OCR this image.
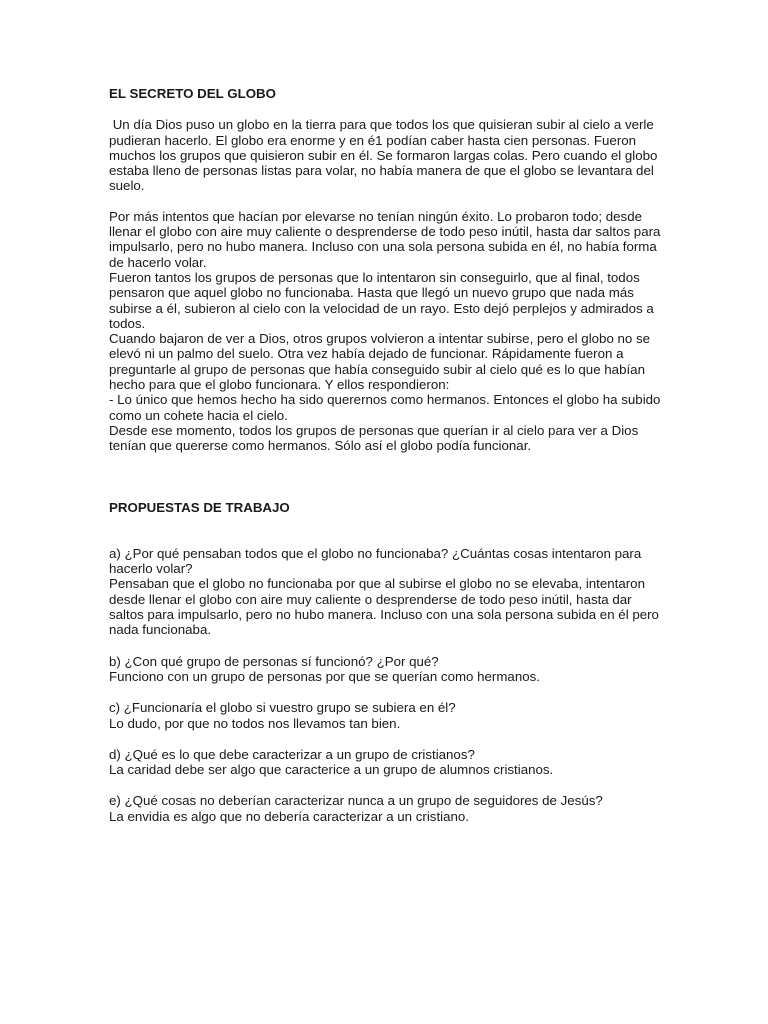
EL SECRETO DEL GLOBO

Un día Dios puso un globo en la tierra para que todos los que quisieran subir al cielo a verle pudieran hacerlo. El globo era enorme y en é1 podían caber hasta cien personas. Fueron muchos los grupos que quisieron subir en él. Se formaron largas colas. Pero cuando el globo estaba lleno de personas listas para volar, no había manera de que el globo se levantara del suelo.

Por más intentos que hacían por elevarse no tenían ningún éxito. Lo probaron todo; desde llenar el globo con aire muy caliente o desprenderse de todo peso inútil, hasta dar saltos para impulsarlo, pero no hubo manera. Incluso con una sola persona subida en él, no había forma de hacerlo volar.

Fueron tantos los grupos de personas que lo intentaron sin conseguirlo, que al final, todos pensaron que aquel globo no funcionaba. Hasta que llegó un nuevo grupo que nada más subirse a él, subieron al cielo con la velocidad de un rayo. Esto dejó perplejos y admirados a todos.

Cuando bajaron de ver a Dios, otros grupos volvieron a intentar subirse, pero el globo no se elevó ni un palmo del suelo. Otra vez había dejado de funcionar. Rápidamente fueron a preguntarle al grupo de personas que había conseguido subir al cielo qué es lo que habían hecho para que el globo funcionara. Y ellos respondieron:

- Lo único que hemos hecho ha sido querernos como hermanos. Entonces el globo ha subido como un cohete hacia el cielo.

Desde ese momento, todos los grupos de personas que querían ir al cielo para ver a Dios tenían que quererse como hermanos. Sólo así el globo podía funcionar.

PROPUESTAS DE TRABAJO

a) ¿Por qué pensaban todos que el globo no funcionaba? ¿Cuántas cosas intentaron para hacerlo volar?

Pensaban que el globo no funcionaba por que al subirse el globo no se elevaba, intentaron desde llenar el globo con aire muy caliente o desprenderse de todo peso inútil, hasta dar saltos para impulsarlo, pero no hubo manera. Incluso con una sola persona subida en él pero nada funcionaba.

b) ¿Con qué grupo de personas sí funcionó? ¿Por qué?

Funciono con un grupo de personas por que se querían como hermanos.

c) ¿Funcionaría el globo si vuestro grupo se subiera en él?

Lo dudo, por que no todos nos llevamos tan bien.

d) ¿Qué es lo que debe caracterizar a un grupo de cristianos?

La caridad debe ser algo que caracterice a un grupo de alumnos cristianos.

e) ¿Qué cosas no deberían caracterizar nunca a un grupo de seguidores de Jesús?

La envidia es algo que no debería caracterizar a un cristiano.
